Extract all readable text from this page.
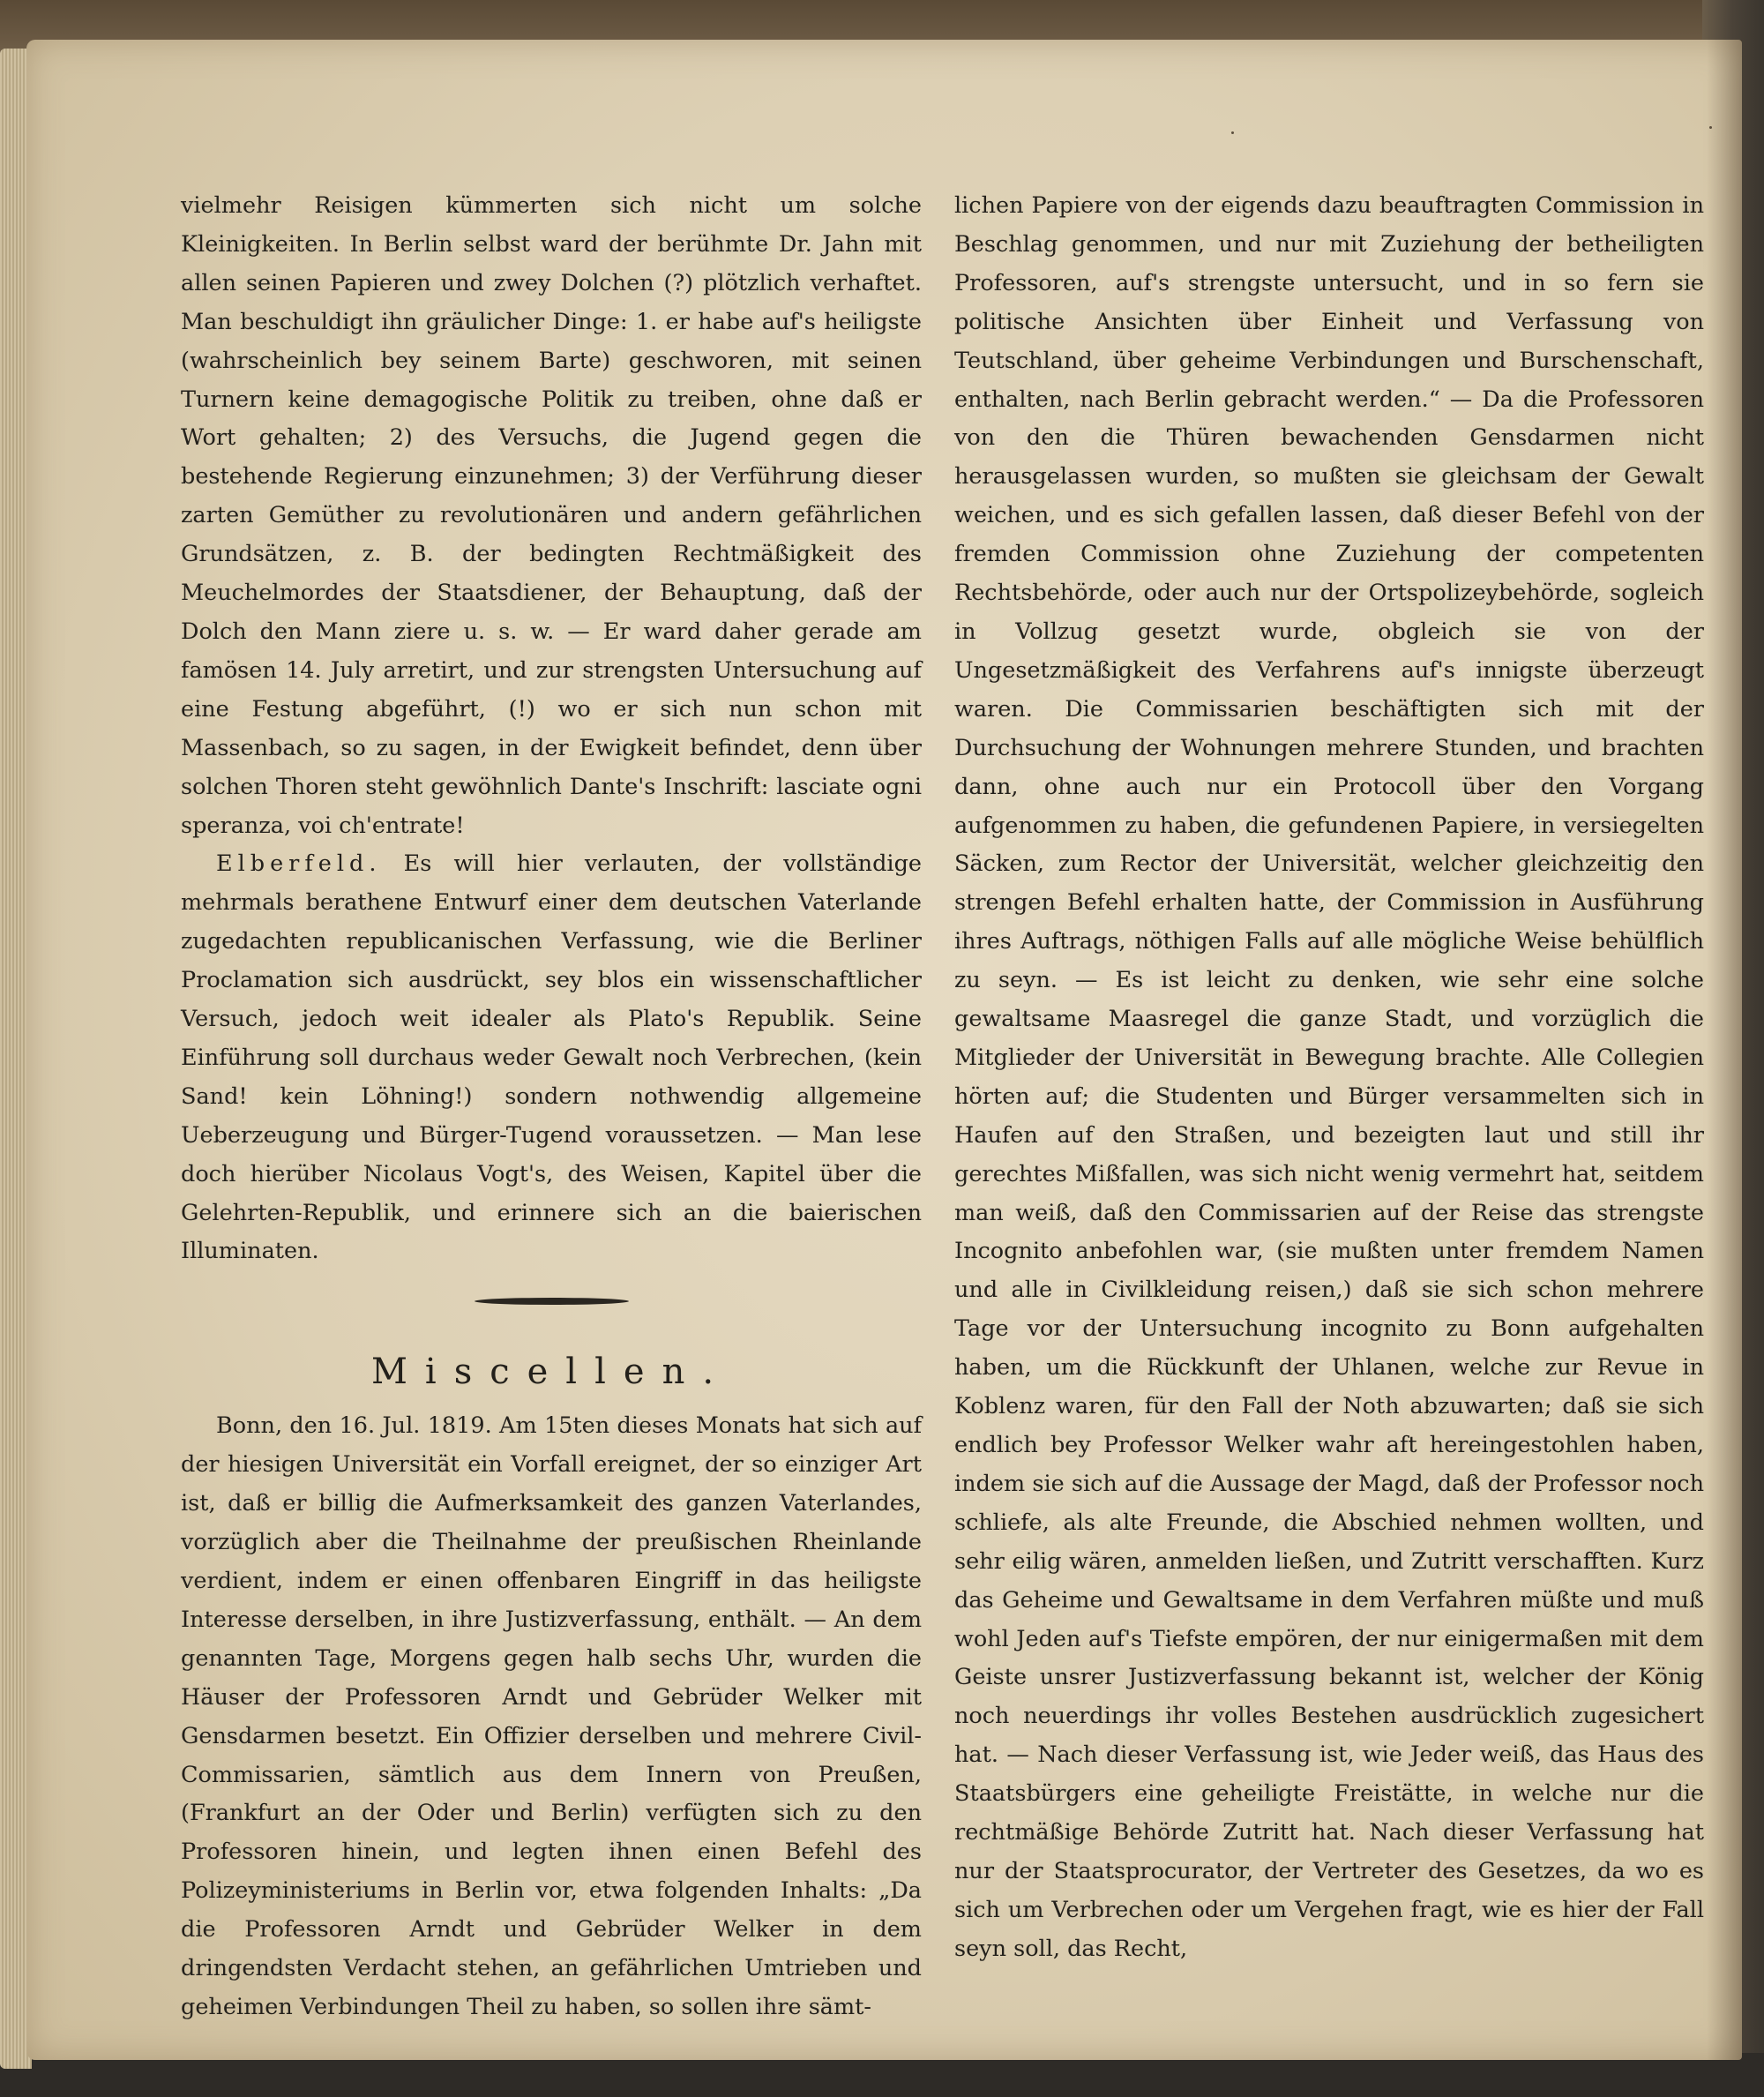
vielmehr Reisigen kümmerten sich nicht um solche Kleinigkeiten. In Berlin selbst ward der berühmte Dr. Jahn mit allen seinen Papieren und zwey Dolchen (?) plötzlich verhaftet. Man beschuldigt ihn gräulicher Dinge: 1. er habe auf's heiligste (wahrscheinlich bey seinem Barte) geschworen, mit seinen Turnern keine demagogische Politik zu treiben, ohne daß er Wort gehalten; 2) des Versuchs, die Jugend gegen die bestehende Regierung einzunehmen; 3) der Verführung dieser zarten Gemüther zu revolutionären und andern gefährlichen Grundsätzen, z. B. der bedingten Rechtmäßigkeit des Meuchelmordes der Staatsdiener, der Behauptung, daß der Dolch den Mann ziere u. s. w. — Er ward daher gerade am famösen 14. July arretirt, und zur strengsten Untersuchung auf eine Festung abgeführt, (!) wo er sich nun schon mit Massenbach, so zu sagen, in der Ewigkeit befindet, denn über solchen Thoren steht gewöhnlich Dante's Inschrift: lasciate ogni speranza, voi ch'entrate!

Elberfeld. Es will hier verlauten, der vollständige mehrmals berathene Entwurf einer dem deutschen Vaterlande zugedachten republicanischen Verfassung, wie die Berliner Proclamation sich ausdrückt, sey blos ein wissenschaftlicher Versuch, jedoch weit idealer als Plato's Republik. Seine Einführung soll durchaus weder Gewalt noch Verbrechen, (kein Sand! kein Löhning!) sondern nothwendig allgemeine Ueberzeugung und Bürger-Tugend voraussetzen. — Man lese doch hierüber Nicolaus Vogt's, des Weisen, Kapitel über die Gelehrten-Republik, und erinnere sich an die baierischen Illuminaten.

Miscellen.

Bonn, den 16. Jul. 1819. Am 15ten dieses Monats hat sich auf der hiesigen Universität ein Vorfall ereignet, der so einziger Art ist, daß er billig die Aufmerksamkeit des ganzen Vaterlandes, vorzüglich aber die Theilnahme der preußischen Rheinlande verdient, indem er einen offenbaren Eingriff in das heiligste Interesse derselben, in ihre Justizverfassung, enthält. — An dem genannten Tage, Morgens gegen halb sechs Uhr, wurden die Häuser der Professoren Arndt und Gebrüder Welker mit Gensdarmen besetzt. Ein Offizier derselben und mehrere Civil-Commissarien, sämtlich aus dem Innern von Preußen, (Frankfurt an der Oder und Berlin) verfügten sich zu den Professoren hinein, und legten ihnen einen Befehl des Polizeyministeriums in Berlin vor, etwa folgenden Inhalts: „Da die Professoren Arndt und Gebrüder Welker in dem dringendsten Verdacht stehen, an gefährlichen Umtrieben und geheimen Verbindungen Theil zu haben, so sollen ihre sämt-

lichen Papiere von der eigends dazu beauftragten Commission in Beschlag genommen, und nur mit Zuziehung der betheiligten Professoren, auf's strengste untersucht, und in so fern sie politische Ansichten über Einheit und Verfassung von Teutschland, über geheime Verbindungen und Burschenschaft, enthalten, nach Berlin gebracht werden.“ — Da die Professoren von den die Thüren bewachenden Gensdarmen nicht herausgelassen wurden, so mußten sie gleichsam der Gewalt weichen, und es sich gefallen lassen, daß dieser Befehl von der fremden Commission ohne Zuziehung der competenten Rechtsbehörde, oder auch nur der Ortspolizeybehörde, sogleich in Vollzug gesetzt wurde, obgleich sie von der Ungesetzmäßigkeit des Verfahrens auf's innigste überzeugt waren. Die Commissarien beschäftigten sich mit der Durchsuchung der Wohnungen mehrere Stunden, und brachten dann, ohne auch nur ein Protocoll über den Vorgang aufgenommen zu haben, die gefundenen Papiere, in versiegelten Säcken, zum Rector der Universität, welcher gleichzeitig den strengen Befehl erhalten hatte, der Commission in Ausführung ihres Auftrags, nöthigen Falls auf alle mögliche Weise behülflich zu seyn. — Es ist leicht zu denken, wie sehr eine solche gewaltsame Maasregel die ganze Stadt, und vorzüglich die Mitglieder der Universität in Bewegung brachte. Alle Collegien hörten auf; die Studenten und Bürger versammelten sich in Haufen auf den Straßen, und bezeigten laut und still ihr gerechtes Mißfallen, was sich nicht wenig vermehrt hat, seitdem man weiß, daß den Commissarien auf der Reise das strengste Incognito anbefohlen war, (sie mußten unter fremdem Namen und alle in Civilkleidung reisen,) daß sie sich schon mehrere Tage vor der Untersuchung incognito zu Bonn aufgehalten haben, um die Rückkunft der Uhlanen, welche zur Revue in Koblenz waren, für den Fall der Noth abzuwarten; daß sie sich endlich bey Professor Welker wahr aft hereingestohlen haben, indem sie sich auf die Aussage der Magd, daß der Professor noch schliefe, als alte Freunde, die Abschied nehmen wollten, und sehr eilig wären, anmelden ließen, und Zutritt verschafften. Kurz das Geheime und Gewaltsame in dem Verfahren müßte und muß wohl Jeden auf's Tiefste empören, der nur einigermaßen mit dem Geiste unsrer Justizverfassung bekannt ist, welcher der König noch neuerdings ihr volles Bestehen ausdrücklich zugesichert hat. — Nach dieser Verfassung ist, wie Jeder weiß, das Haus des Staatsbürgers eine geheiligte Freistätte, in welche nur die rechtmäßige Behörde Zutritt hat. Nach dieser Verfassung hat nur der Staatsprocurator, der Vertreter des Gesetzes, da wo es sich um Verbrechen oder um Vergehen fragt, wie es hier der Fall seyn soll, das Recht,
